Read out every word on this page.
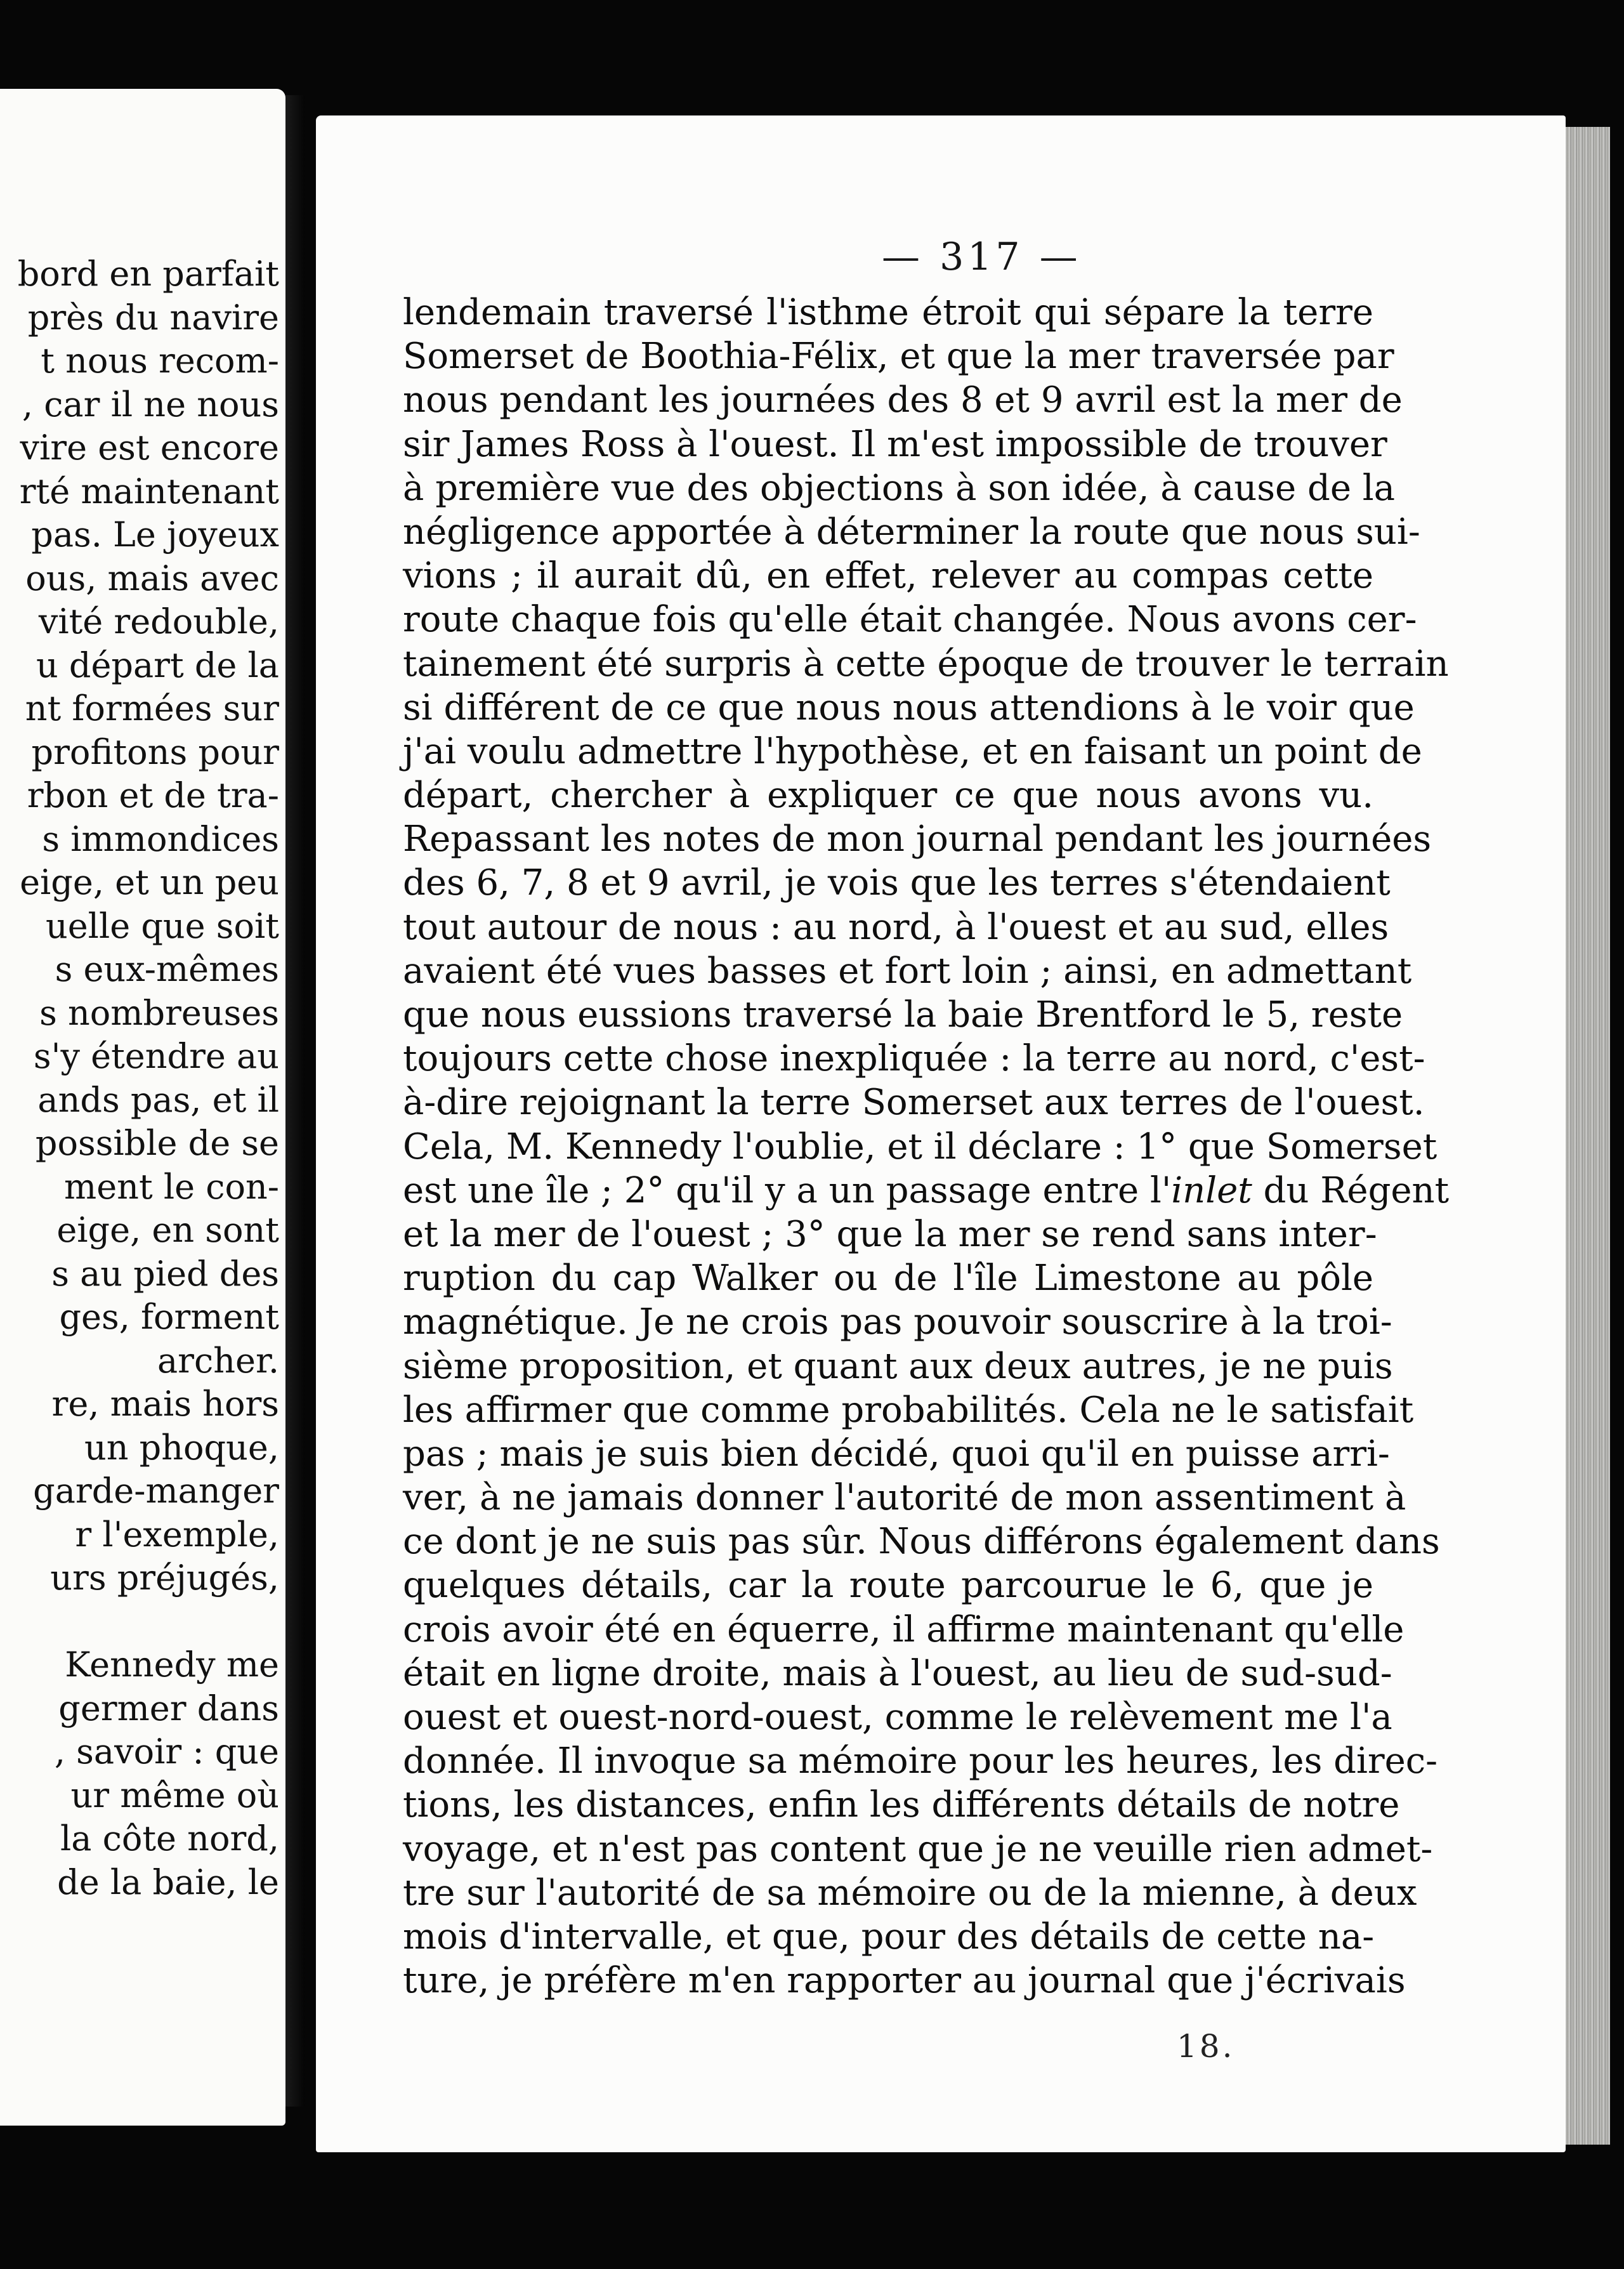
bord en parfait
près du navire
t nous recom-
, car il ne nous
vire est encore
rté maintenant
pas. Le joyeux
ous, mais avec
vité redouble,
u départ de la
nt formées sur
profitons pour
rbon et de tra-
s immondices
eige, et un peu
uelle que soit
s eux-mêmes
s nombreuses
s'y étendre au
ands pas, et il
possible de se
ment le con-
eige, en sont
s au pied des
ges, forment
archer.
re, mais hors
un phoque,
garde-manger
r l'exemple,
urs préjugés,
Kennedy me
germer dans
, savoir : que
ur même où
la côte nord,
de la baie, le
— 317 —
lendemain traversé l'isthme étroit qui sépare la terre
Somerset de Boothia-Félix, et que la mer traversée par
nous pendant les journées des 8 et 9 avril est la mer de
sir James Ross à l'ouest. Il m'est impossible de trouver
à première vue des objections à son idée, à cause de la
négligence apportée à déterminer la route que nous sui-
vions ; il aurait dû, en effet, relever au compas cette
route chaque fois qu'elle était changée. Nous avons cer-
tainement été surpris à cette époque de trouver le terrain
si différent de ce que nous nous attendions à le voir que
j'ai voulu admettre l'hypothèse, et en faisant un point de
départ, chercher à expliquer ce que nous avons vu.
Repassant les notes de mon journal pendant les journées
des 6, 7, 8 et 9 avril, je vois que les terres s'étendaient
tout autour de nous : au nord, à l'ouest et au sud, elles
avaient été vues basses et fort loin ; ainsi, en admettant
que nous eussions traversé la baie Brentford le 5, reste
toujours cette chose inexpliquée : la terre au nord, c'est-
à-dire rejoignant la terre Somerset aux terres de l'ouest.
Cela, M. Kennedy l'oublie, et il déclare : 1° que Somerset
est une île ; 2° qu'il y a un passage entre l'inlet du Régent
et la mer de l'ouest ; 3° que la mer se rend sans inter-
ruption du cap Walker ou de l'île Limestone au pôle
magnétique. Je ne crois pas pouvoir souscrire à la troi-
sième proposition, et quant aux deux autres, je ne puis
les affirmer que comme probabilités. Cela ne le satisfait
pas ; mais je suis bien décidé, quoi qu'il en puisse arri-
ver, à ne jamais donner l'autorité de mon assentiment à
ce dont je ne suis pas sûr. Nous différons également dans
quelques détails, car la route parcourue le 6, que je
crois avoir été en équerre, il affirme maintenant qu'elle
était en ligne droite, mais à l'ouest, au lieu de sud-sud-
ouest et ouest-nord-ouest, comme le relèvement me l'a
donnée. Il invoque sa mémoire pour les heures, les direc-
tions, les distances, enfin les différents détails de notre
voyage, et n'est pas content que je ne veuille rien admet-
tre sur l'autorité de sa mémoire ou de la mienne, à deux
mois d'intervalle, et que, pour des détails de cette na-
ture, je préfère m'en rapporter au journal que j'écrivais
18.
